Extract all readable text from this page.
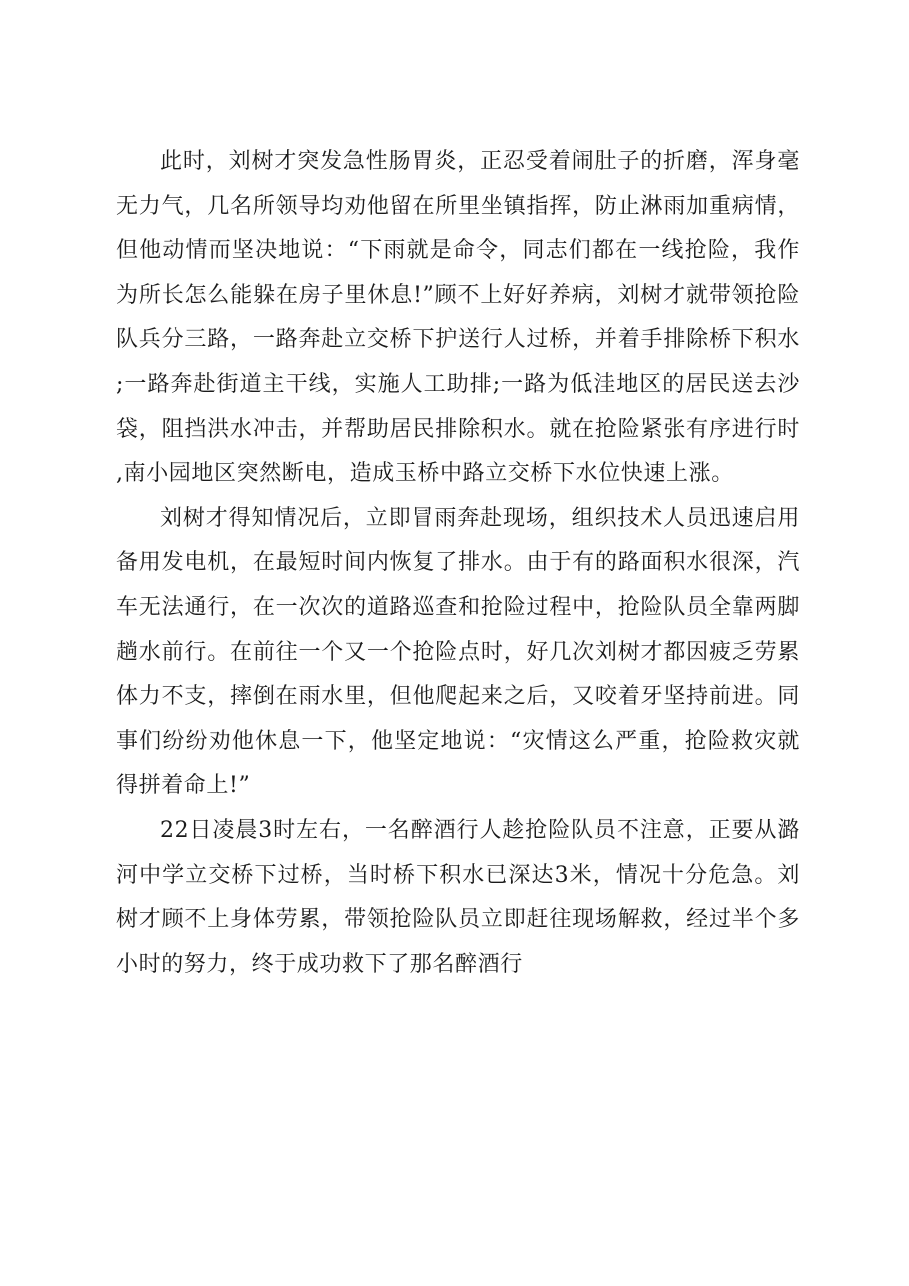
此时，刘树才突发急性肠胃炎，正忍受着闹肚子的折磨，浑身毫无力气，几名所领导均劝他留在所里坐镇指挥，防止淋雨加重病情，但他动情而坚决地说：“下雨就是命令，同志们都在一线抢险，我作为所长怎么能躲在房子里休息!”顾不上好好养病，刘树才就带领抢险队兵分三路，一路奔赴立交桥下护送行人过桥，并着手排除桥下积水;一路奔赴街道主干线，实施人工助排;一路为低洼地区的居民送去沙袋，阻挡洪水冲击，并帮助居民排除积水。就在抢险紧张有序进行时,南小园地区突然断电，造成玉桥中路立交桥下水位快速上涨。

刘树才得知情况后，立即冒雨奔赴现场，组织技术人员迅速启用备用发电机，在最短时间内恢复了排水。由于有的路面积水很深，汽车无法通行，在一次次的道路巡查和抢险过程中，抢险队员全靠两脚趟水前行。在前往一个又一个抢险点时，好几次刘树才都因疲乏劳累体力不支，摔倒在雨水里，但他爬起来之后，又咬着牙坚持前进。同事们纷纷劝他休息一下，他坚定地说：“灾情这么严重，抢险救灾就得拼着命上!”

22日凌晨3时左右，一名醉酒行人趁抢险队员不注意，正要从潞河中学立交桥下过桥，当时桥下积水已深达3米，情况十分危急。刘树才顾不上身体劳累，带领抢险队员立即赶往现场解救，经过半个多小时的努力，终于成功救下了那名醉酒行
